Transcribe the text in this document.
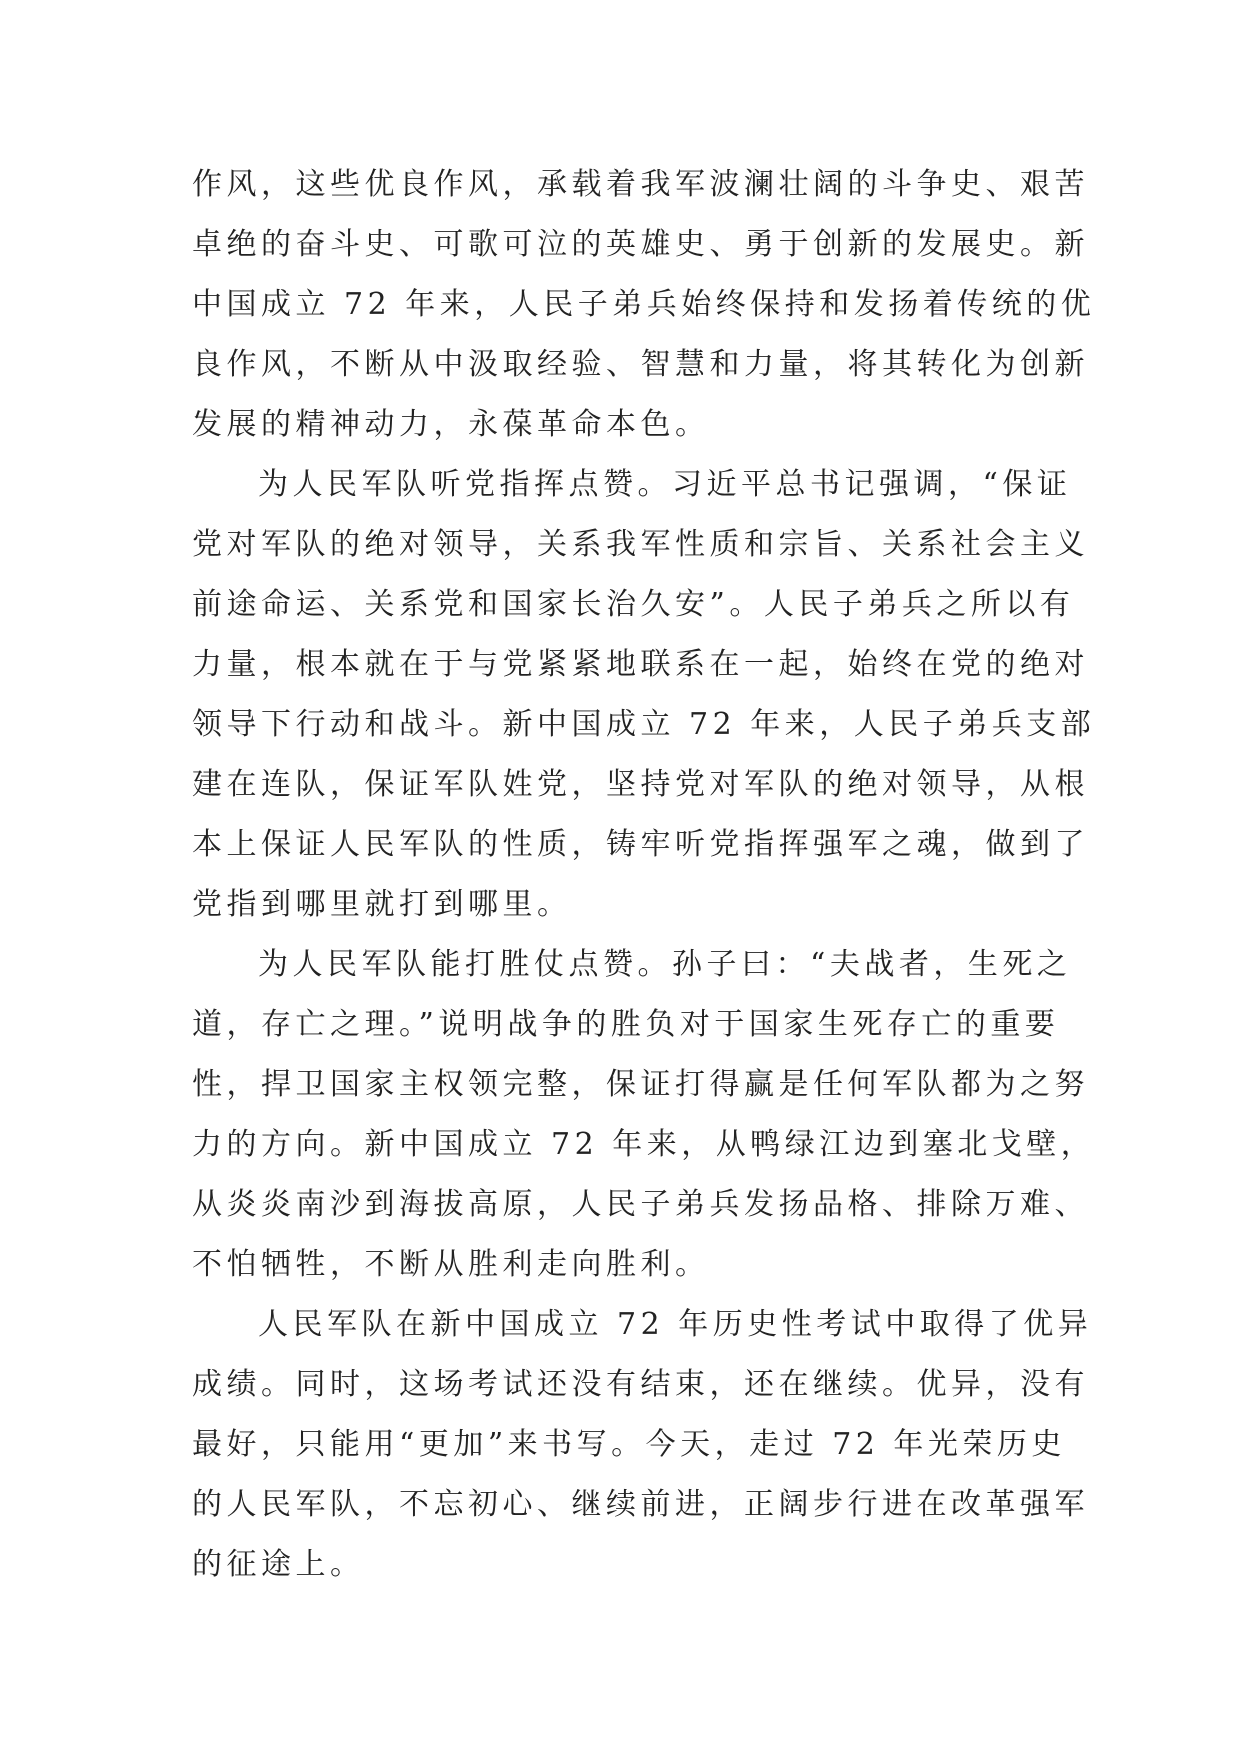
作风，这些优良作风，承载着我军波澜壮阔的斗争史、艰苦
卓绝的奋斗史、可歌可泣的英雄史、勇于创新的发展史。新
中国成立 72 年来，人民子弟兵始终保持和发扬着传统的优
良作风，不断从中汲取经验、智慧和力量，将其转化为创新
发展的精神动力，永葆革命本色。
为人民军队听党指挥点赞。习近平总书记强调，“保证
党对军队的绝对领导，关系我军性质和宗旨、关系社会主义
前途命运、关系党和国家长治久安”。人民子弟兵之所以有
力量，根本就在于与党紧紧地联系在一起，始终在党的绝对
领导下行动和战斗。新中国成立 72 年来，人民子弟兵支部
建在连队，保证军队姓党，坚持党对军队的绝对领导，从根
本上保证人民军队的性质，铸牢听党指挥强军之魂，做到了
党指到哪里就打到哪里。
为人民军队能打胜仗点赞。孙子曰：“夫战者，生死之
道，存亡之理。”说明战争的胜负对于国家生死存亡的重要
性，捍卫国家主权领完整，保证打得赢是任何军队都为之努
力的方向。新中国成立 72 年来，从鸭绿江边到塞北戈壁，
从炎炎南沙到海拔高原，人民子弟兵发扬品格、排除万难、
不怕牺牲，不断从胜利走向胜利。
人民军队在新中国成立 72 年历史性考试中取得了优异
成绩。同时，这场考试还没有结束，还在继续。优异，没有
最好，只能用“更加”来书写。今天，走过 72 年光荣历史
的人民军队，不忘初心、继续前进，正阔步行进在改革强军
的征途上。
